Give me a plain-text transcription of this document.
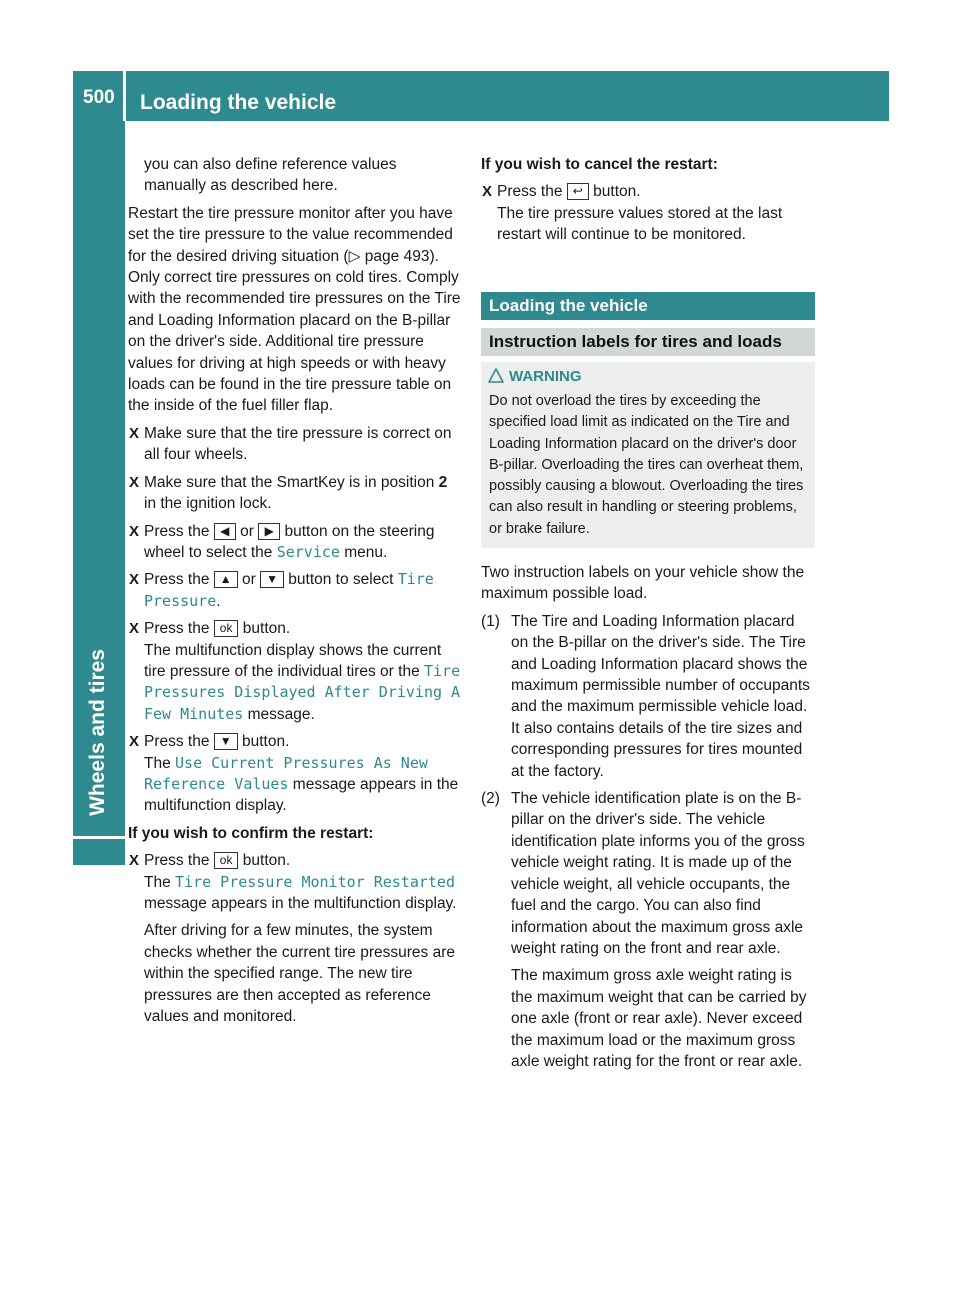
500	Loading the vehicle
Wheels and tires

you can also define reference values manually as described here.

Restart the tire pressure monitor after you have set the tire pressure to the value recommended for the desired driving situation (▷ page 493). Only correct tire pressures on cold tires. Comply with the recommended tire pressures on the Tire and Loading Information placard on the B-pillar on the driver's side. Additional tire pressure values for driving at high speeds or with heavy loads can be found in the tire pressure table on the inside of the fuel filler flap.

X Make sure that the tire pressure is correct on all four wheels.
X Make sure that the SmartKey is in position 2 in the ignition lock.
X Press the ◀ or ▶ button on the steering wheel to select the Service menu.
X Press the ▲ or ▼ button to select Tire Pressure.
X Press the ok button.
The multifunction display shows the current tire pressure of the individual tires or the Tire Pressures Displayed After Driving A Few Minutes message.
X Press the ▼ button.
The Use Current Pressures As New Reference Values message appears in the multifunction display.

If you wish to confirm the restart:

X Press the ok button.
The Tire Pressure Monitor Restarted message appears in the multifunction display.
After driving for a few minutes, the system checks whether the current tire pressures are within the specified range. The new tire pressures are then accepted as reference values and monitored.

If you wish to cancel the restart:

X Press the ↩ button.
The tire pressure values stored at the last restart will continue to be monitored.
Loading the vehicle
Instruction labels for tires and loads
WARNING
Do not overload the tires by exceeding the specified load limit as indicated on the Tire and Loading Information placard on the driver's door B-pillar. Overloading the tires can overheat them, possibly causing a blowout. Overloading the tires can also result in handling or steering problems, or brake failure.

Two instruction labels on your vehicle show the maximum possible load.

(1) The Tire and Loading Information placard on the B-pillar on the driver's side. The Tire and Loading Information placard shows the maximum permissible number of occupants and the maximum permissible vehicle load. It also contains details of the tire sizes and corresponding pressures for tires mounted at the factory.
(2) The vehicle identification plate is on the B-pillar on the driver's side. The vehicle identification plate informs you of the gross vehicle weight rating. It is made up of the vehicle weight, all vehicle occupants, the fuel and the cargo. You can also find information about the maximum gross axle weight rating on the front and rear axle.
The maximum gross axle weight rating is the maximum weight that can be carried by one axle (front or rear axle). Never exceed the maximum load or the maximum gross axle weight rating for the front or rear axle.
